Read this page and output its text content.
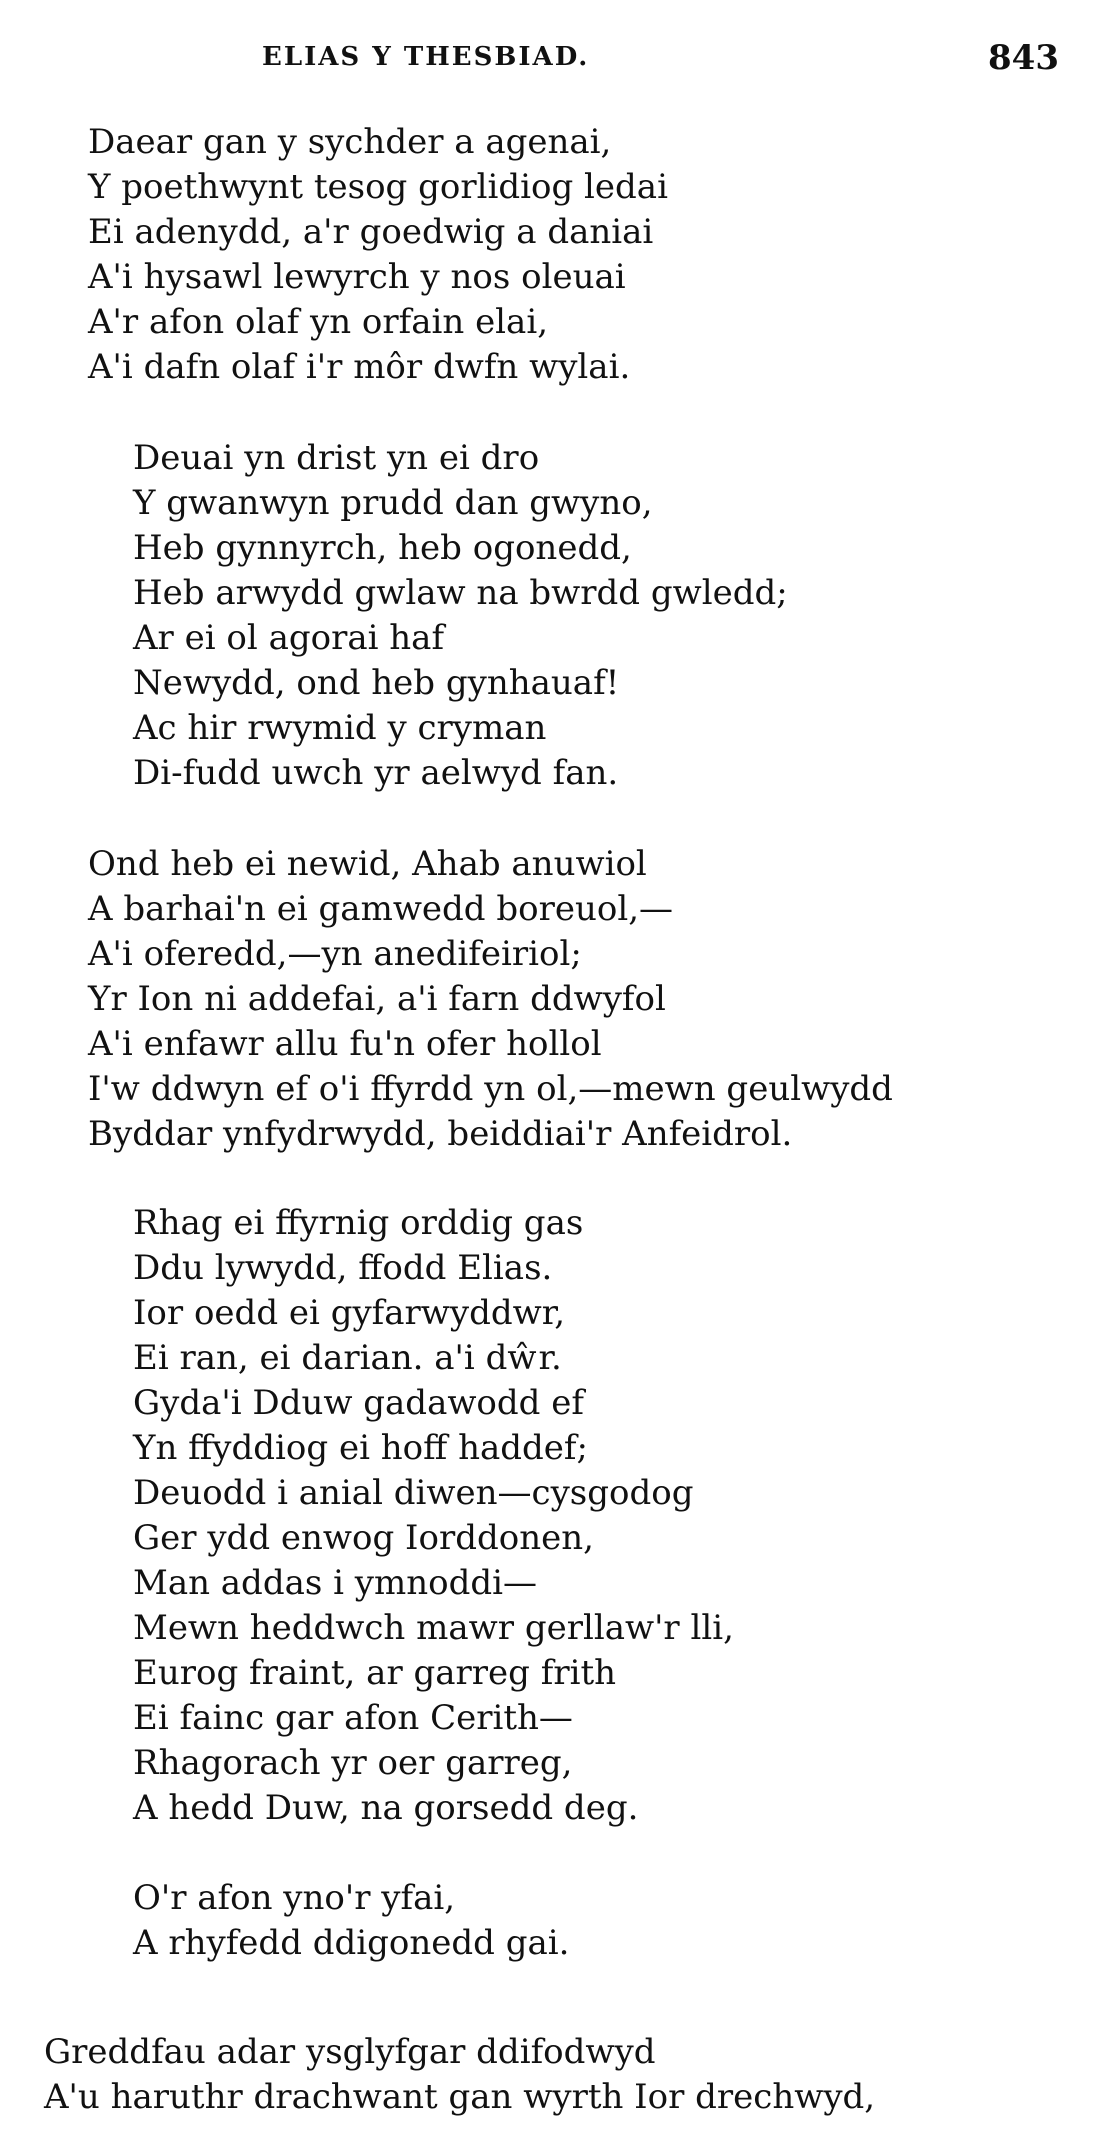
ELIAS Y THESBIAD.	843
Daear gan y sychder a agenai,
Y poethwynt tesog gorlidiog ledai
Ei adenydd, a'r goedwig a daniai
A'i hysawl lewyrch y nos oleuai
A'r afon olaf yn orfain elai,
A'i dafn olaf i'r môr dwfn wylai.
Deuai yn drist yn ei dro
Y gwanwyn prudd dan gwyno,
Heb gynnyrch, heb ogonedd,
Heb arwydd gwlaw na bwrdd gwledd;
Ar ei ol agorai haf
Newydd, ond heb gynhauaf!
Ac hir rwymid y cryman
Di-fudd uwch yr aelwyd fan.
Ond heb ei newid, Ahab anuwiol
A barhai'n ei gamwedd boreuol,—
A'i oferedd,—yn anedifeiriol;
Yr Ion ni addefai, a'i farn ddwyfol
A'i enfawr allu fu'n ofer hollol
I'w ddwyn ef o'i ffyrdd yn ol,—mewn geulwydd
Byddar ynfydrwydd, beiddiai'r Anfeidrol.
Rhag ei ffyrnig orddig gas
Ddu lywydd, ffodd Elias.
Ior oedd ei gyfarwyddwr,
Ei ran, ei darian. a'i dŵr.
Gyda'i Dduw gadawodd ef
Yn ffyddiog ei hoff haddef;
Deuodd i anial diwen—cysgodog
Ger ydd enwog Iorddonen,
Man addas i ymnoddi—
Mewn heddwch mawr gerllaw'r lli,
Eurog fraint, ar garreg frith
Ei fainc gar afon Cerith—
Rhagorach yr oer garreg,
A hedd Duw, na gorsedd deg.
O'r afon yno'r yfai,
A rhyfedd ddigonedd gai.
Greddfau adar ysglyfgar ddifodwyd
A'u haruthr drachwant gan wyrth Ior drechwyd,
